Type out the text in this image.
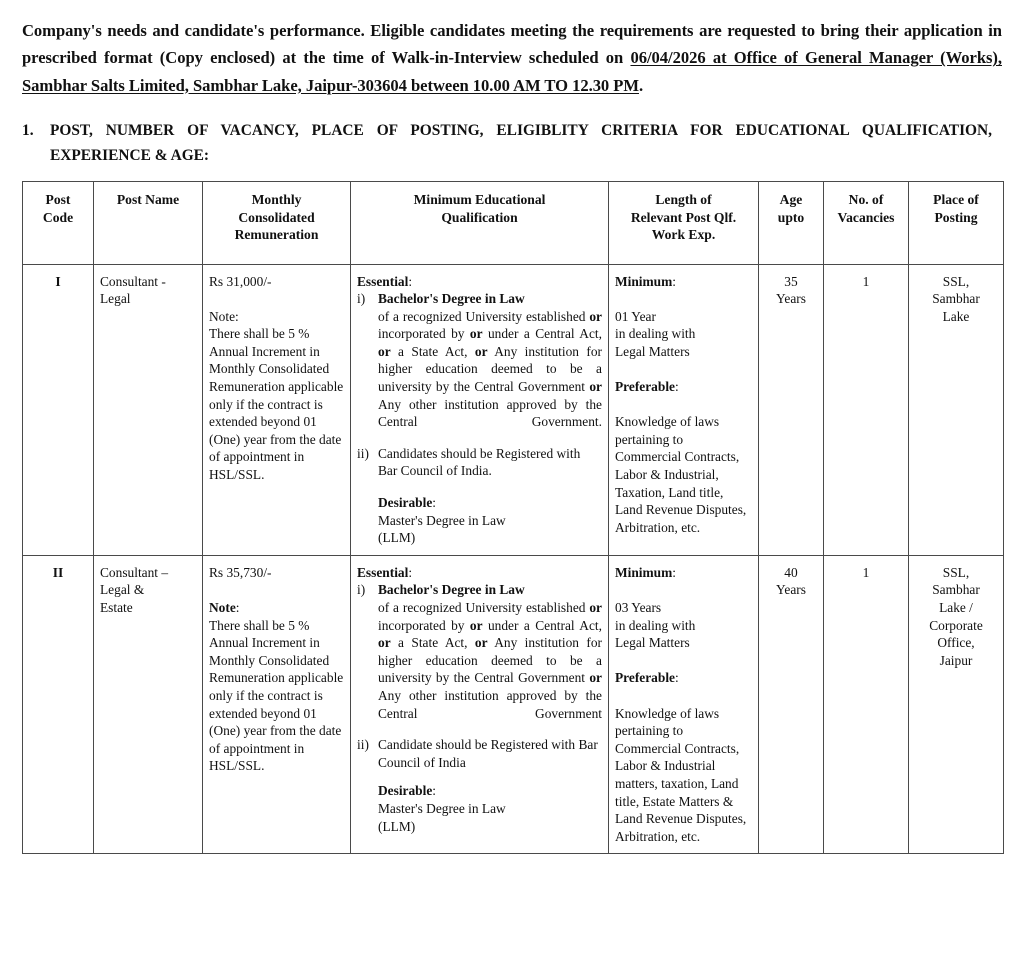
Company's needs and candidate's performance. Eligible candidates meeting the requirements are requested to bring their application in prescribed format (Copy enclosed) at the time of Walk-in-Interview scheduled on 06/04/2026 at Office of General Manager (Works), Sambhar Salts Limited, Sambhar Lake, Jaipur-303604 between 10.00 AM TO 12.30 PM.

1. POST, NUMBER OF VACANCY, PLACE OF POSTING, ELIGIBLITY CRITERIA FOR EDUCATIONAL QUALIFICATION,
EXPERIENCE & AGE:
Post
Code	Post Name	Monthly
Consolidated
Remuneration	Minimum Educational
Qualification	Length of
Relevant Post Qlf.
Work Exp.	Age
upto	No. of
Vacancies	Place of
Posting
I	Consultant -
Legal	Rs 31,000/-
Note:
There shall be 5 % Annual Increment in Monthly Consolidated Remuneration applicable only if the contract is extended beyond 01 (One) year from the date of appointment in HSL/SSL.	Essential:
i) Bachelor's Degree in Law
of a recognized University established or incorporated by or under a Central Act, or a State Act, or Any institution for higher education deemed to be a university by the Central Government or Any other institution approved by the Central Government.
ii) Candidates should be Registered with Bar Council of India.
Desirable:
Master's Degree in Law
(LLM)
	Minimum:
01 Year
in dealing with
Legal Matters
Preferable:
Knowledge of laws pertaining to Commercial Contracts, Labor & Industrial, Taxation, Land title, Land Revenue Disputes, Arbitration, etc.	35
Years	1	SSL,
Sambhar
Lake
II	Consultant –
Legal &
Estate	Rs 35,730/-
Note:
There shall be 5 % Annual Increment in Monthly Consolidated Remuneration applicable only if the contract is extended beyond 01 (One) year from the date of appointment in HSL/SSL.	Essential:
i) Bachelor's Degree in Law
of a recognized University established or incorporated by or under a Central Act, or a State Act, or Any institution for higher education deemed to be a university by the Central Government or Any other institution approved by the Central Government
ii) Candidate should be Registered with Bar Council of India
Desirable:
Master's Degree in Law
(LLM)
	Minimum:
03 Years
in dealing with
Legal Matters
Preferable:
Knowledge of laws pertaining to Commercial Contracts, Labor & Industrial matters, taxation, Land title, Estate Matters & Land Revenue Disputes, Arbitration, etc.	40
Years	1	SSL,
Sambhar
Lake /
Corporate
Office,
Jaipur
